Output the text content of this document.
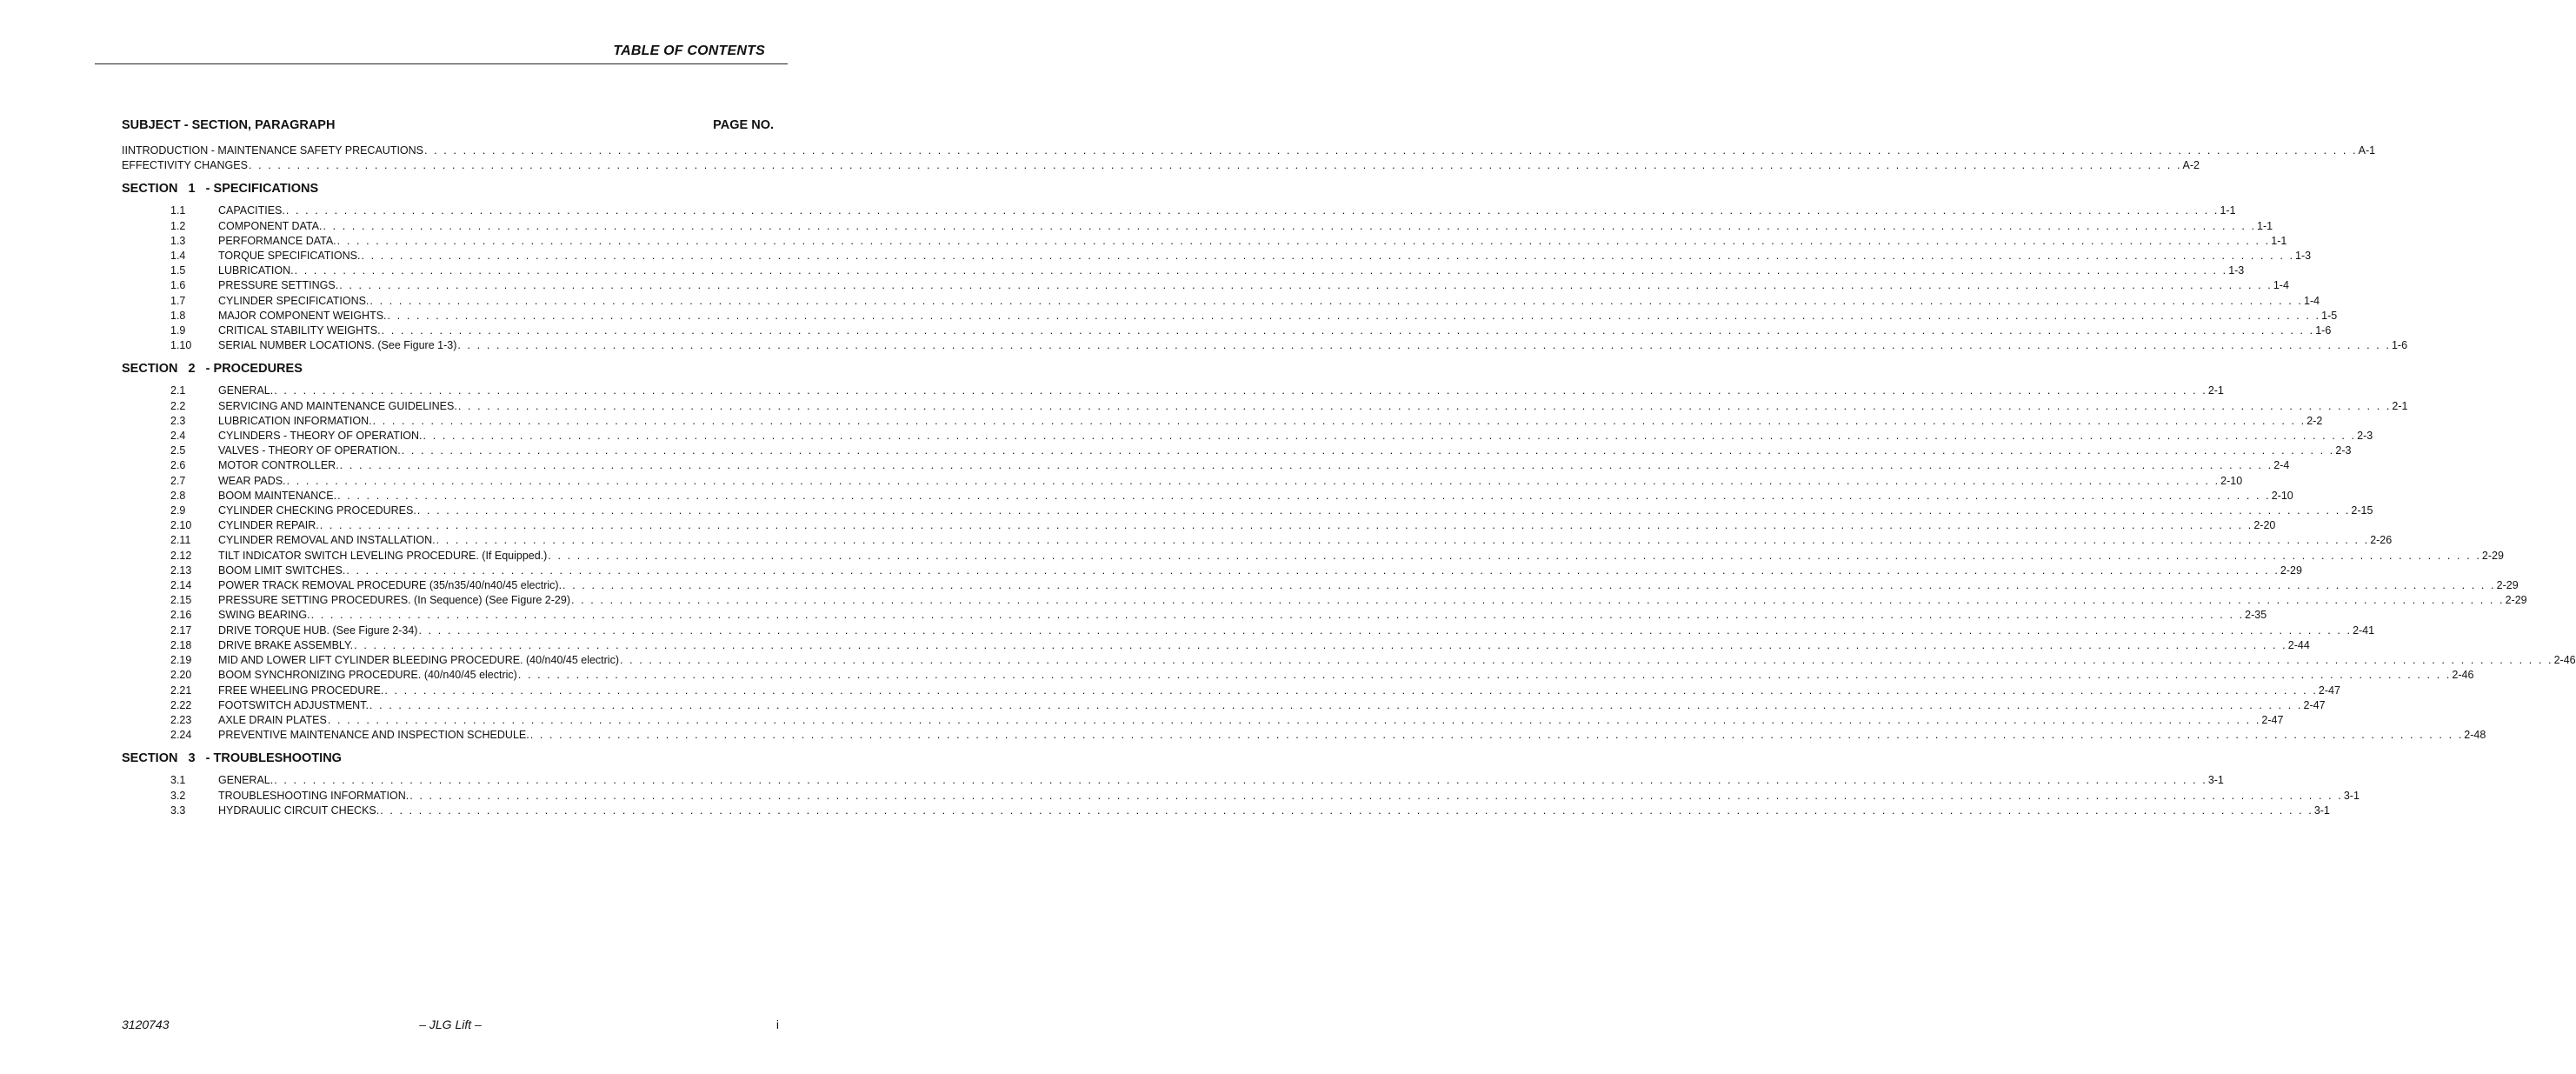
TABLE OF CONTENTS
SUBJECT - SECTION, PARAGRAPH	PAGE NO.
IINTRODUCTION - MAINTENANCE SAFETY PRECAUTIONS . . . . . . . . . . . . . . . . . . . . . . . . . . . . . . . . . . . . . . . . . . . . . . . . . . . . . . . . . . . . . . . . . . . . . . . . . . . . . . . . . . . . . . . . . . . . . . . . . . . . . . . . . . . . . . . . . . . . . . . . . . . . . . . . . . . . . . . . . . . . . . . . . . . . . . . . . . . . . . . . . . . . . . . . . . . . . . . . . . . . . . . . . . . . . . . . . . . . . . . . A-1
EFFECTIVITY CHANGES . . . . . . . . . . . . . . . . . . . . . . . . . . . . . . . . . . . . . . . . . . . . . . . . . . . . . . . . . . . . . . . . . . . . . . . . . . . . . . . . . . . . . . . . . . . . . . . . . . . . . . . . . . . . . . . . . . . . . . . . . . . . . . . . . . . . . . . . . . . . . . . . . . . . . . . . . . . . . . . . . . . . . . . . . . . . . . . . . . . . . . . . . . . . . . . . . . . . . . . . A-2
SECTION   1   - SPECIFICATIONS
1.1	CAPACITIES. . . . . . . . . . . . . . . . . . . . . . . . . . . . . . . . . . . . . . . . . . . . . . . . . . . . . . . . . . . . . . . . . . . . . . . . . . . . . . . . . . . . . . . . . . . . . . . . . . . . . . . . . . . . . . . . . . . . . . . . . . . . . . . . . . . . . . . . . . . . . . . . . . . . . . . . . . . . . . . . . . . . . . . . . . . . . . . . . . . . . . . . . . . . . . . . . . . . . . . . . 1-1
1.2	COMPONENT DATA. . . . . . . . . . . . . . . . . . . . . . . . . . . . . . . . . . . . . . . . . . . . . . . . . . . . . . . . . . . . . . . . . . . . . . . . . . . . . . . . . . . . . . . . . . . . . . . . . . . . . . . . . . . . . . . . . . . . . . . . . . . . . . . . . . . . . . . . . . . . . . . . . . . . . . . . . . . . . . . . . . . . . . . . . . . . . . . . . . . . . . . . . . . . . . . . . . . . . . . . . 1-1
1.3	PERFORMANCE DATA. . . . . . . . . . . . . . . . . . . . . . . . . . . . . . . . . . . . . . . . . . . . . . . . . . . . . . . . . . . . . . . . . . . . . . . . . . . . . . . . . . . . . . . . . . . . . . . . . . . . . . . . . . . . . . . . . . . . . . . . . . . . . . . . . . . . . . . . . . . . . . . . . . . . . . . . . . . . . . . . . . . . . . . . . . . . . . . . . . . . . . . . . . . . . . . . . . . . . . . . . 1-1
1.4	TORQUE SPECIFICATIONS. . . . . . . . . . . . . . . . . . . . . . . . . . . . . . . . . . . . . . . . . . . . . . . . . . . . . . . . . . . . . . . . . . . . . . . . . . . . . . . . . . . . . . . . . . . . . . . . . . . . . . . . . . . . . . . . . . . . . . . . . . . . . . . . . . . . . . . . . . . . . . . . . . . . . . . . . . . . . . . . . . . . . . . . . . . . . . . . . . . . . . . . . . . . . . . . . . . . . . . . . 1-3
1.5	LUBRICATION. . . . . . . . . . . . . . . . . . . . . . . . . . . . . . . . . . . . . . . . . . . . . . . . . . . . . . . . . . . . . . . . . . . . . . . . . . . . . . . . . . . . . . . . . . . . . . . . . . . . . . . . . . . . . . . . . . . . . . . . . . . . . . . . . . . . . . . . . . . . . . . . . . . . . . . . . . . . . . . . . . . . . . . . . . . . . . . . . . . . . . . . . . . . . . . . . . . . . . . . . 1-3
1.6	PRESSURE SETTINGS. . . . . . . . . . . . . . . . . . . . . . . . . . . . . . . . . . . . . . . . . . . . . . . . . . . . . . . . . . . . . . . . . . . . . . . . . . . . . . . . . . . . . . . . . . . . . . . . . . . . . . . . . . . . . . . . . . . . . . . . . . . . . . . . . . . . . . . . . . . . . . . . . . . . . . . . . . . . . . . . . . . . . . . . . . . . . . . . . . . . . . . . . . . . . . . . . . . . . . . . . 1-4
1.7	CYLINDER SPECIFICATIONS. . . . . . . . . . . . . . . . . . . . . . . . . . . . . . . . . . . . . . . . . . . . . . . . . . . . . . . . . . . . . . . . . . . . . . . . . . . . . . . . . . . . . . . . . . . . . . . . . . . . . . . . . . . . . . . . . . . . . . . . . . . . . . . . . . . . . . . . . . . . . . . . . . . . . . . . . . . . . . . . . . . . . . . . . . . . . . . . . . . . . . . . . . . . . . . . . . . . . . . . . 1-4
1.8	MAJOR COMPONENT WEIGHTS. . . . . . . . . . . . . . . . . . . . . . . . . . . . . . . . . . . . . . . . . . . . . . . . . . . . . . . . . . . . . . . . . . . . . . . . . . . . . . . . . . . . . . . . . . . . . . . . . . . . . . . . . . . . . . . . . . . . . . . . . . . . . . . . . . . . . . . . . . . . . . . . . . . . . . . . . . . . . . . . . . . . . . . . . . . . . . . . . . . . . . . . . . . . . . . . . . . . . . . . . 1-5
1.9	CRITICAL STABILITY WEIGHTS. . . . . . . . . . . . . . . . . . . . . . . . . . . . . . . . . . . . . . . . . . . . . . . . . . . . . . . . . . . . . . . . . . . . . . . . . . . . . . . . . . . . . . . . . . . . . . . . . . . . . . . . . . . . . . . . . . . . . . . . . . . . . . . . . . . . . . . . . . . . . . . . . . . . . . . . . . . . . . . . . . . . . . . . . . . . . . . . . . . . . . . . . . . . . . . . . . . . . . . . . 1-6
1.10	SERIAL NUMBER LOCATIONS. (See Figure 1-3) . . . . . . . . . . . . . . . . . . . . . . . . . . . . . . . . . . . . . . . . . . . . . . . . . . . . . . . . . . . . . . . . . . . . . . . . . . . . . . . . . . . . . . . . . . . . . . . . . . . . . . . . . . . . . . . . . . . . . . . . . . . . . . . . . . . . . . . . . . . . . . . . . . . . . . . . . . . . . . . . . . . . . . . . . . . . . . . . . . . . . . . . . . . . . . . . . . . . . . . . 1-6
SECTION   2   - PROCEDURES
2.1	GENERAL. . . . . . . . . . . . . . . . . . . . . . . . . . . . . . . . . . . . . . . . . . . . . . . . . . . . . . . . . . . . . . . . . . . . . . . . . . . . . . . . . . . . . . . . . . . . . . . . . . . . . . . . . . . . . . . . . . . . . . . . . . . . . . . . . . . . . . . . . . . . . . . . . . . . . . . . . . . . . . . . . . . . . . . . . . . . . . . . . . . . . . . . . . . . . . . . . . . . . . . . . 2-1
2.2	SERVICING AND MAINTENANCE GUIDELINES. . . . . . . . . . . . . . . . . . . . . . . . . . . . . . . . . . . . . . . . . . . . . . . . . . . . . . . . . . . . . . . . . . . . . . . . . . . . . . . . . . . . . . . . . . . . . . . . . . . . . . . . . . . . . . . . . . . . . . . . . . . . . . . . . . . . . . . . . . . . . . . . . . . . . . . . . . . . . . . . . . . . . . . . . . . . . . . . . . . . . . . . . . . . . . . . . . . . . . . . . 2-1
2.3	LUBRICATION INFORMATION. . . . . . . . . . . . . . . . . . . . . . . . . . . . . . . . . . . . . . . . . . . . . . . . . . . . . . . . . . . . . . . . . . . . . . . . . . . . . . . . . . . . . . . . . . . . . . . . . . . . . . . . . . . . . . . . . . . . . . . . . . . . . . . . . . . . . . . . . . . . . . . . . . . . . . . . . . . . . . . . . . . . . . . . . . . . . . . . . . . . . . . . . . . . . . . . . . . . . . . . . 2-2
2.4	CYLINDERS - THEORY OF OPERATION. . . . . . . . . . . . . . . . . . . . . . . . . . . . . . . . . . . . . . . . . . . . . . . . . . . . . . . . . . . . . . . . . . . . . . . . . . . . . . . . . . . . . . . . . . . . . . . . . . . . . . . . . . . . . . . . . . . . . . . . . . . . . . . . . . . . . . . . . . . . . . . . . . . . . . . . . . . . . . . . . . . . . . . . . . . . . . . . . . . . . . . . . . . . . . . . . . . . . . . . . 2-3
2.5	VALVES - THEORY OF OPERATION. . . . . . . . . . . . . . . . . . . . . . . . . . . . . . . . . . . . . . . . . . . . . . . . . . . . . . . . . . . . . . . . . . . . . . . . . . . . . . . . . . . . . . . . . . . . . . . . . . . . . . . . . . . . . . . . . . . . . . . . . . . . . . . . . . . . . . . . . . . . . . . . . . . . . . . . . . . . . . . . . . . . . . . . . . . . . . . . . . . . . . . . . . . . . . . . . . . . . . . . . 2-3
2.6	MOTOR CONTROLLER. . . . . . . . . . . . . . . . . . . . . . . . . . . . . . . . . . . . . . . . . . . . . . . . . . . . . . . . . . . . . . . . . . . . . . . . . . . . . . . . . . . . . . . . . . . . . . . . . . . . . . . . . . . . . . . . . . . . . . . . . . . . . . . . . . . . . . . . . . . . . . . . . . . . . . . . . . . . . . . . . . . . . . . . . . . . . . . . . . . . . . . . . . . . . . . . . . . . . . . . . 2-4
2.7	WEAR PADS. . . . . . . . . . . . . . . . . . . . . . . . . . . . . . . . . . . . . . . . . . . . . . . . . . . . . . . . . . . . . . . . . . . . . . . . . . . . . . . . . . . . . . . . . . . . . . . . . . . . . . . . . . . . . . . . . . . . . . . . . . . . . . . . . . . . . . . . . . . . . . . . . . . . . . . . . . . . . . . . . . . . . . . . . . . . . . . . . . . . . . . . . . . . . . . . . . . . . . . . . 2-10
2.8	BOOM MAINTENANCE. . . . . . . . . . . . . . . . . . . . . . . . . . . . . . . . . . . . . . . . . . . . . . . . . . . . . . . . . . . . . . . . . . . . . . . . . . . . . . . . . . . . . . . . . . . . . . . . . . . . . . . . . . . . . . . . . . . . . . . . . . . . . . . . . . . . . . . . . . . . . . . . . . . . . . . . . . . . . . . . . . . . . . . . . . . . . . . . . . . . . . . . . . . . . . . . . . . . . . . . . 2-10
2.9	CYLINDER CHECKING PROCEDURES. . . . . . . . . . . . . . . . . . . . . . . . . . . . . . . . . . . . . . . . . . . . . . . . . . . . . . . . . . . . . . . . . . . . . . . . . . . . . . . . . . . . . . . . . . . . . . . . . . . . . . . . . . . . . . . . . . . . . . . . . . . . . . . . . . . . . . . . . . . . . . . . . . . . . . . . . . . . . . . . . . . . . . . . . . . . . . . . . . . . . . . . . . . . . . . . . . . . . . . . . 2-15
2.10	CYLINDER REPAIR. . . . . . . . . . . . . . . . . . . . . . . . . . . . . . . . . . . . . . . . . . . . . . . . . . . . . . . . . . . . . . . . . . . . . . . . . . . . . . . . . . . . . . . . . . . . . . . . . . . . . . . . . . . . . . . . . . . . . . . . . . . . . . . . . . . . . . . . . . . . . . . . . . . . . . . . . . . . . . . . . . . . . . . . . . . . . . . . . . . . . . . . . . . . . . . . . . . . . . . . . 2-20
2.11	CYLINDER REMOVAL AND INSTALLATION. . . . . . . . . . . . . . . . . . . . . . . . . . . . . . . . . . . . . . . . . . . . . . . . . . . . . . . . . . . . . . . . . . . . . . . . . . . . . . . . . . . . . . . . . . . . . . . . . . . . . . . . . . . . . . . . . . . . . . . . . . . . . . . . . . . . . . . . . . . . . . . . . . . . . . . . . . . . . . . . . . . . . . . . . . . . . . . . . . . . . . . . . . . . . . . . . . . . . . . . . 2-26
2.12	TILT INDICATOR SWITCH LEVELING PROCEDURE. (If Equipped.) . . . . . . . . . . . . . . . . . . . . . . . . . . . . . . . . . . . . . . . . . . . . . . . . . . . . . . . . . . . . . . . . . . . . . . . . . . . . . . . . . . . . . . . . . . . . . . . . . . . . . . . . . . . . . . . . . . . . . . . . . . . . . . . . . . . . . . . . . . . . . . . . . . . . . . . . . . . . . . . . . . . . . . . . . . . . . . . . . . . . . . . . . . . . . . . . . . . . . . . . 2-29
2.13	BOOM LIMIT SWITCHES. . . . . . . . . . . . . . . . . . . . . . . . . . . . . . . . . . . . . . . . . . . . . . . . . . . . . . . . . . . . . . . . . . . . . . . . . . . . . . . . . . . . . . . . . . . . . . . . . . . . . . . . . . . . . . . . . . . . . . . . . . . . . . . . . . . . . . . . . . . . . . . . . . . . . . . . . . . . . . . . . . . . . . . . . . . . . . . . . . . . . . . . . . . . . . . . . . . . . . . . . 2-29
2.14	POWER TRACK REMOVAL PROCEDURE (35/n35/40/n40/45 electric). . . . . . . . . . . . . . . . . . . . . . . . . . . . . . . . . . . . . . . . . . . . . . . . . . . . . . . . . . . . . . . . . . . . . . . . . . . . . . . . . . . . . . . . . . . . . . . . . . . . . . . . . . . . . . . . . . . . . . . . . . . . . . . . . . . . . . . . . . . . . . . . . . . . . . . . . . . . . . . . . . . . . . . . . . . . . . . . . . . . . . . . . . . . . . . . . . . . . . . . . 2-29
2.15	PRESSURE SETTING PROCEDURES. (In Sequence) (See Figure 2-29) . . . . . . . . . . . . . . . . . . . . . . . . . . . . . . . . . . . . . . . . . . . . . . . . . . . . . . . . . . . . . . . . . . . . . . . . . . . . . . . . . . . . . . . . . . . . . . . . . . . . . . . . . . . . . . . . . . . . . . . . . . . . . . . . . . . . . . . . . . . . . . . . . . . . . . . . . . . . . . . . . . . . . . . . . . . . . . . . . . . . . . . . . . . . . . . . . . . . . . . . 2-29
2.16	SWING BEARING. . . . . . . . . . . . . . . . . . . . . . . . . . . . . . . . . . . . . . . . . . . . . . . . . . . . . . . . . . . . . . . . . . . . . . . . . . . . . . . . . . . . . . . . . . . . . . . . . . . . . . . . . . . . . . . . . . . . . . . . . . . . . . . . . . . . . . . . . . . . . . . . . . . . . . . . . . . . . . . . . . . . . . . . . . . . . . . . . . . . . . . . . . . . . . . . . . . . . . . . . 2-35
2.17	DRIVE TORQUE HUB. (See Figure 2-34) . . . . . . . . . . . . . . . . . . . . . . . . . . . . . . . . . . . . . . . . . . . . . . . . . . . . . . . . . . . . . . . . . . . . . . . . . . . . . . . . . . . . . . . . . . . . . . . . . . . . . . . . . . . . . . . . . . . . . . . . . . . . . . . . . . . . . . . . . . . . . . . . . . . . . . . . . . . . . . . . . . . . . . . . . . . . . . . . . . . . . . . . . . . . . . . . . . . . . . . . 2-41
2.18	DRIVE BRAKE ASSEMBLY. . . . . . . . . . . . . . . . . . . . . . . . . . . . . . . . . . . . . . . . . . . . . . . . . . . . . . . . . . . . . . . . . . . . . . . . . . . . . . . . . . . . . . . . . . . . . . . . . . . . . . . . . . . . . . . . . . . . . . . . . . . . . . . . . . . . . . . . . . . . . . . . . . . . . . . . . . . . . . . . . . . . . . . . . . . . . . . . . . . . . . . . . . . . . . . . . . . . . . . . . 2-44
2.19	MID AND LOWER LIFT CYLINDER BLEEDING PROCEDURE. (40/n40/45 electric) . . . . . . . . . . . . . . . . . . . . . . . . . . . . . . . . . . . . . . . . . . . . . . . . . . . . . . . . . . . . . . . . . . . . . . . . . . . . . . . . . . . . . . . . . . . . . . . . . . . . . . . . . . . . . . . . . . . . . . . . . . . . . . . . . . . . . . . . . . . . . . . . . . . . . . . . . . . . . . . . . . . . . . . . . . . . . . . . . . . . . . . . . . . . . . . . . . . . . . . . 2-46
2.20	BOOM SYNCHRONIZING PROCEDURE. (40/n40/45 electric) . . . . . . . . . . . . . . . . . . . . . . . . . . . . . . . . . . . . . . . . . . . . . . . . . . . . . . . . . . . . . . . . . . . . . . . . . . . . . . . . . . . . . . . . . . . . . . . . . . . . . . . . . . . . . . . . . . . . . . . . . . . . . . . . . . . . . . . . . . . . . . . . . . . . . . . . . . . . . . . . . . . . . . . . . . . . . . . . . . . . . . . . . . . . . . . . . . . . . . . . 2-46
2.21	FREE WHEELING PROCEDURE. . . . . . . . . . . . . . . . . . . . . . . . . . . . . . . . . . . . . . . . . . . . . . . . . . . . . . . . . . . . . . . . . . . . . . . . . . . . . . . . . . . . . . . . . . . . . . . . . . . . . . . . . . . . . . . . . . . . . . . . . . . . . . . . . . . . . . . . . . . . . . . . . . . . . . . . . . . . . . . . . . . . . . . . . . . . . . . . . . . . . . . . . . . . . . . . . . . . . . . . . 2-47
2.22	FOOTSWITCH ADJUSTMENT. . . . . . . . . . . . . . . . . . . . . . . . . . . . . . . . . . . . . . . . . . . . . . . . . . . . . . . . . . . . . . . . . . . . . . . . . . . . . . . . . . . . . . . . . . . . . . . . . . . . . . . . . . . . . . . . . . . . . . . . . . . . . . . . . . . . . . . . . . . . . . . . . . . . . . . . . . . . . . . . . . . . . . . . . . . . . . . . . . . . . . . . . . . . . . . . . . . . . . . . . 2-47
2.23	AXLE DRAIN PLATES . . . . . . . . . . . . . . . . . . . . . . . . . . . . . . . . . . . . . . . . . . . . . . . . . . . . . . . . . . . . . . . . . . . . . . . . . . . . . . . . . . . . . . . . . . . . . . . . . . . . . . . . . . . . . . . . . . . . . . . . . . . . . . . . . . . . . . . . . . . . . . . . . . . . . . . . . . . . . . . . . . . . . . . . . . . . . . . . . . . . . . . . . . . . . . . . . . . . . . . . 2-47
2.24	PREVENTIVE MAINTENANCE AND INSPECTION SCHEDULE. . . . . . . . . . . . . . . . . . . . . . . . . . . . . . . . . . . . . . . . . . . . . . . . . . . . . . . . . . . . . . . . . . . . . . . . . . . . . . . . . . . . . . . . . . . . . . . . . . . . . . . . . . . . . . . . . . . . . . . . . . . . . . . . . . . . . . . . . . . . . . . . . . . . . . . . . . . . . . . . . . . . . . . . . . . . . . . . . . . . . . . . . . . . . . . . . . . . . . . . . 2-48
SECTION   3   - TROUBLESHOOTING
3.1	GENERAL. . . . . . . . . . . . . . . . . . . . . . . . . . . . . . . . . . . . . . . . . . . . . . . . . . . . . . . . . . . . . . . . . . . . . . . . . . . . . . . . . . . . . . . . . . . . . . . . . . . . . . . . . . . . . . . . . . . . . . . . . . . . . . . . . . . . . . . . . . . . . . . . . . . . . . . . . . . . . . . . . . . . . . . . . . . . . . . . . . . . . . . . . . . . . . . . . . . . . . . . . 3-1
3.2	TROUBLESHOOTING INFORMATION. . . . . . . . . . . . . . . . . . . . . . . . . . . . . . . . . . . . . . . . . . . . . . . . . . . . . . . . . . . . . . . . . . . . . . . . . . . . . . . . . . . . . . . . . . . . . . . . . . . . . . . . . . . . . . . . . . . . . . . . . . . . . . . . . . . . . . . . . . . . . . . . . . . . . . . . . . . . . . . . . . . . . . . . . . . . . . . . . . . . . . . . . . . . . . . . . . . . . . . . . 3-1
3.3	HYDRAULIC CIRCUIT CHECKS. . . . . . . . . . . . . . . . . . . . . . . . . . . . . . . . . . . . . . . . . . . . . . . . . . . . . . . . . . . . . . . . . . . . . . . . . . . . . . . . . . . . . . . . . . . . . . . . . . . . . . . . . . . . . . . . . . . . . . . . . . . . . . . . . . . . . . . . . . . . . . . . . . . . . . . . . . . . . . . . . . . . . . . . . . . . . . . . . . . . . . . . . . . . . . . . . . . . . . . . . 3-1
3120743	– JLG Lift –	i
